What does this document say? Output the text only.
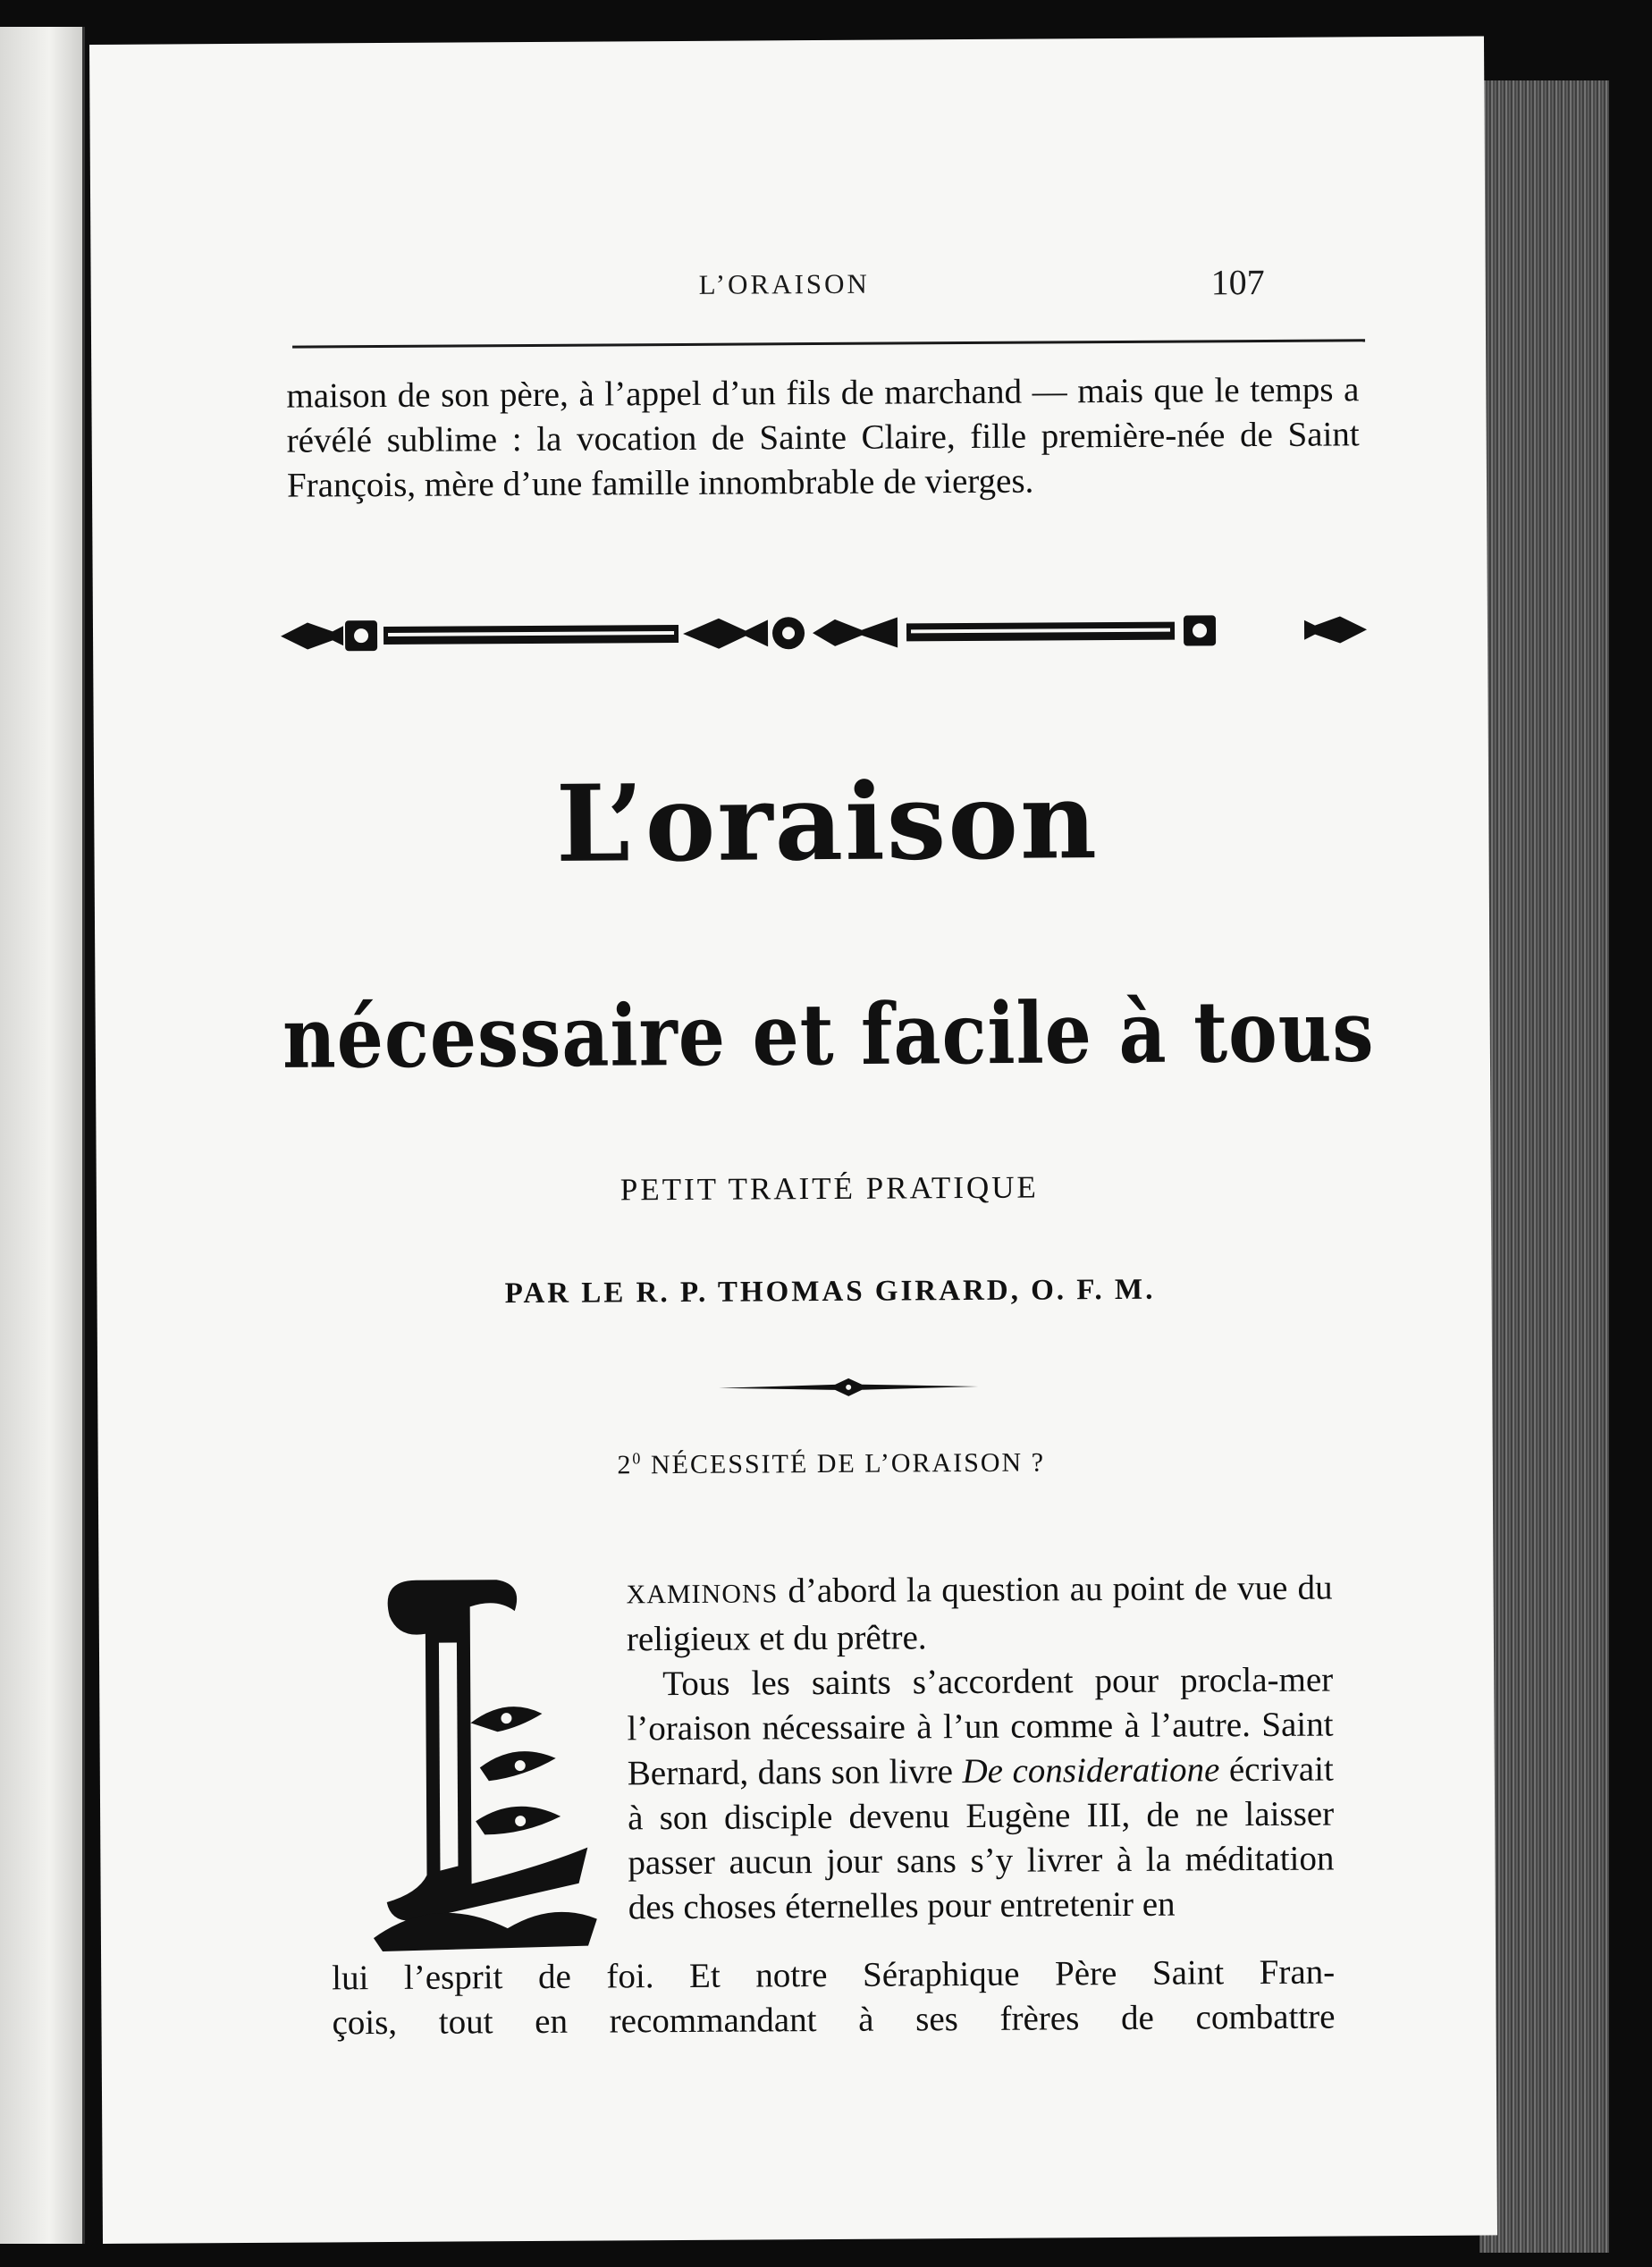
L’ORAISON	107
maison de son père, à l’appel d’un fils de marchand — mais que le temps a révélé sublime : la vocation de Sainte Claire, fille première-née de Saint François, mère d’une famille innombrable de vierges.
L’oraison
nécessaire et facile à tous
PETIT TRAITÉ PRATIQUE
PAR LE R. P. THOMAS GIRARD, O. F. M.
$2^0$ NÉCESSITÉ DE L’ORAISON ?
E
XAMINONS d’abord la question au point de vue du religieux et du prêtre.
Tous les saints s’accordent pour procla-mer l’oraison nécessaire à l’un comme à l’autre. Saint Bernard, dans son livre De consideratione écrivait à son disciple devenu Eugène III, de ne laisser passer aucun jour sans s’y livrer à la méditation des choses éternelles pour entretenir en
lui l’esprit de foi. Et notre Séraphique Père Saint Fran-
çois, tout en recommandant à ses frères de combattre
